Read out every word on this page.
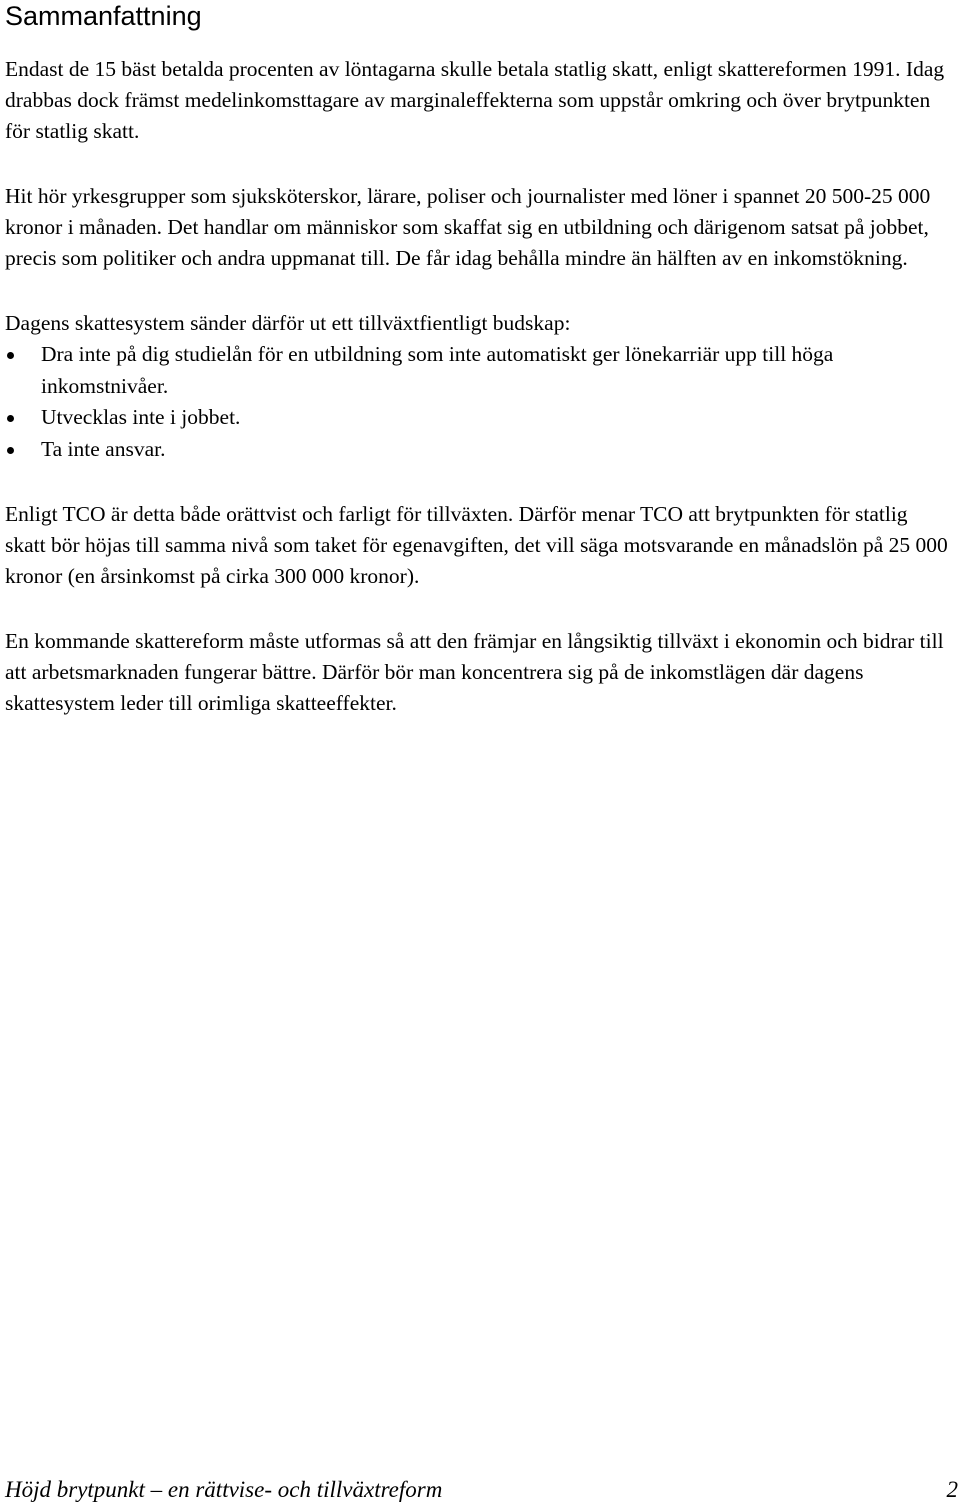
Sammanfattning

Endast de 15 bäst betalda procenten av löntagarna skulle betala statlig skatt, enligt skattereformen 1991. Idag drabbas dock främst medelinkomsttagare av marginaleffekterna som uppstår omkring och över brytpunkten för statlig skatt.

Hit hör yrkesgrupper som sjuksköterskor, lärare, poliser och journalister med löner i spannet 20 500-25 000 kronor i månaden. Det handlar om människor som skaffat sig en utbildning och därigenom satsat på jobbet, precis som politiker och andra uppmanat till. De får idag behålla mindre än hälften av en inkomstökning.

Dagens skattesystem sänder därför ut ett tillväxtfientligt budskap:

Dra inte på dig studielån för en utbildning som inte automatiskt ger lönekarriär upp till höga inkomstnivåer.
Utvecklas inte i jobbet.
Ta inte ansvar.

Enligt TCO är detta både orättvist och farligt för tillväxten. Därför menar TCO att brytpunkten för statlig skatt bör höjas till samma nivå som taket för egenavgiften, det vill säga motsvarande en månadslön på 25 000 kronor (en årsinkomst på cirka 300 000 kronor).

En kommande skattereform måste utformas så att den främjar en långsiktig tillväxt i ekonomin och bidrar till att arbetsmarknaden fungerar bättre. Därför bör man koncentrera sig på de inkomstlägen där dagens skattesystem leder till orimliga skatteeffekter.

Höjd brytpunkt – en rättvise- och tillväxtreform	2
